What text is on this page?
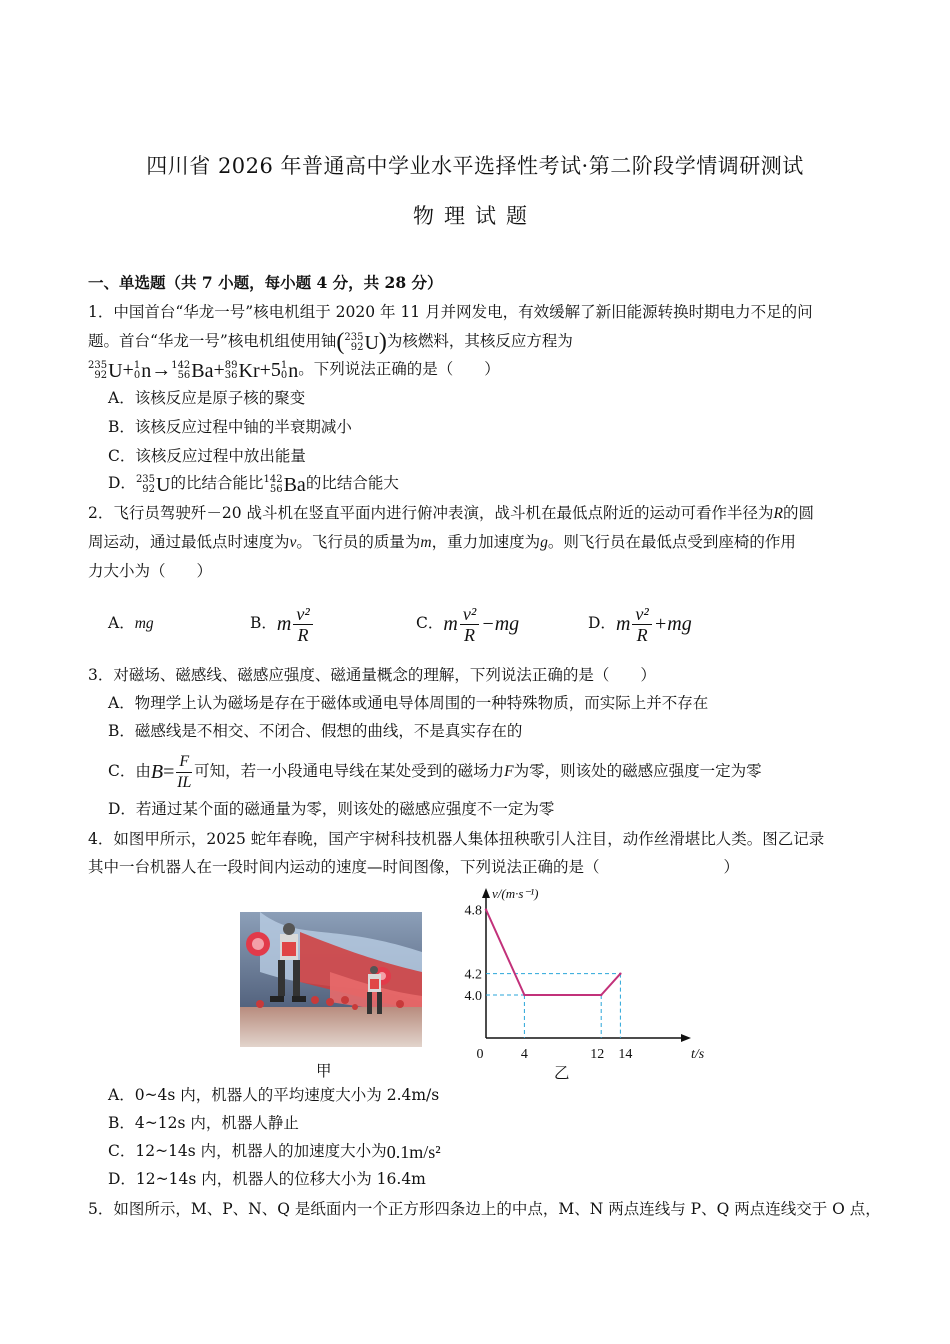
四川省 2026 年普通高中学业水平选择性考试·第二阶段学情调研测试
物理试题
一、单选题（共 7 小题，每小题 4 分，共 28 分）
1．中国首台“华龙一号”核电机组于 2020 年 11 月并网发电，有效缓解了新旧能源转换时期电力不足的问
题。首台“华龙一号”核电机组使用铀( 235
92 U)为核燃料，其核反应方程为
235
92 U+ 1
0 n→ 142
56 Ba+ 89
36 Kr+5 1
0 n。下列说法正确的是（　　）
A．该核反应是原子核的聚变
B．该核反应过程中铀的半衰期减小
C．该核反应过程中放出能量
D． 235
92 U的比结合能比 142
56 Ba的比结合能大
2．飞行员驾驶歼－20 战斗机在竖直平面内进行俯冲表演，战斗机在最低点附近的运动可看作半径为R的圆
周运动，通过最低点时速度为v。飞行员的质量为m，重力加速度为g。则飞行员在最低点受到座椅的作用
力大小为（　　）
A．mg	B．m $\frac{\text{v²}}{R}$	C．m $\frac{\text{v²}}{R} -mg$	D．m $\frac{\text{v²}}{R} +mg$
3．对磁场、磁感线、磁感应强度、磁通量概念的理解，下列说法正确的是（　　）
A．物理学上认为磁场是存在于磁体或通电导体周围的一种特殊物质，而实际上并不存在
B．磁感线是不相交、不闭合、假想的曲线，不是真实存在的
C．由$B= \frac{F}{IL}$ 可知，若一小段通电导线在某处受到的磁场力F为零，则该处的磁感应强度一定为零
D．若通过某个面的磁通量为零，则该处的磁感应强度不一定为零
4．如图甲所示，2025 蛇年春晚，国产宇树科技机器人集体扭秧歌引人注目，动作丝滑堪比人类。图乙记录
其中一台机器人在一段时间内运动的速度—时间图像，下列说法正确的是（　　　　　　　　）
甲
v/(m·s⁻¹)
t/s
4.0
4.2
4.8
0	4	12 14
乙
A．0~4s 内，机器人的平均速度大小为 2.4m/s
B．4~12s 内，机器人静止
C．12~14s 内，机器人的加速度大小为0.1m/s²
D．12~14s 内，机器人的位移大小为 16.4m
5．如图所示，M、P、N、Q 是纸面内一个正方形四条边上的中点，M、N 两点连线与 P、Q 两点连线交于 O 点，
